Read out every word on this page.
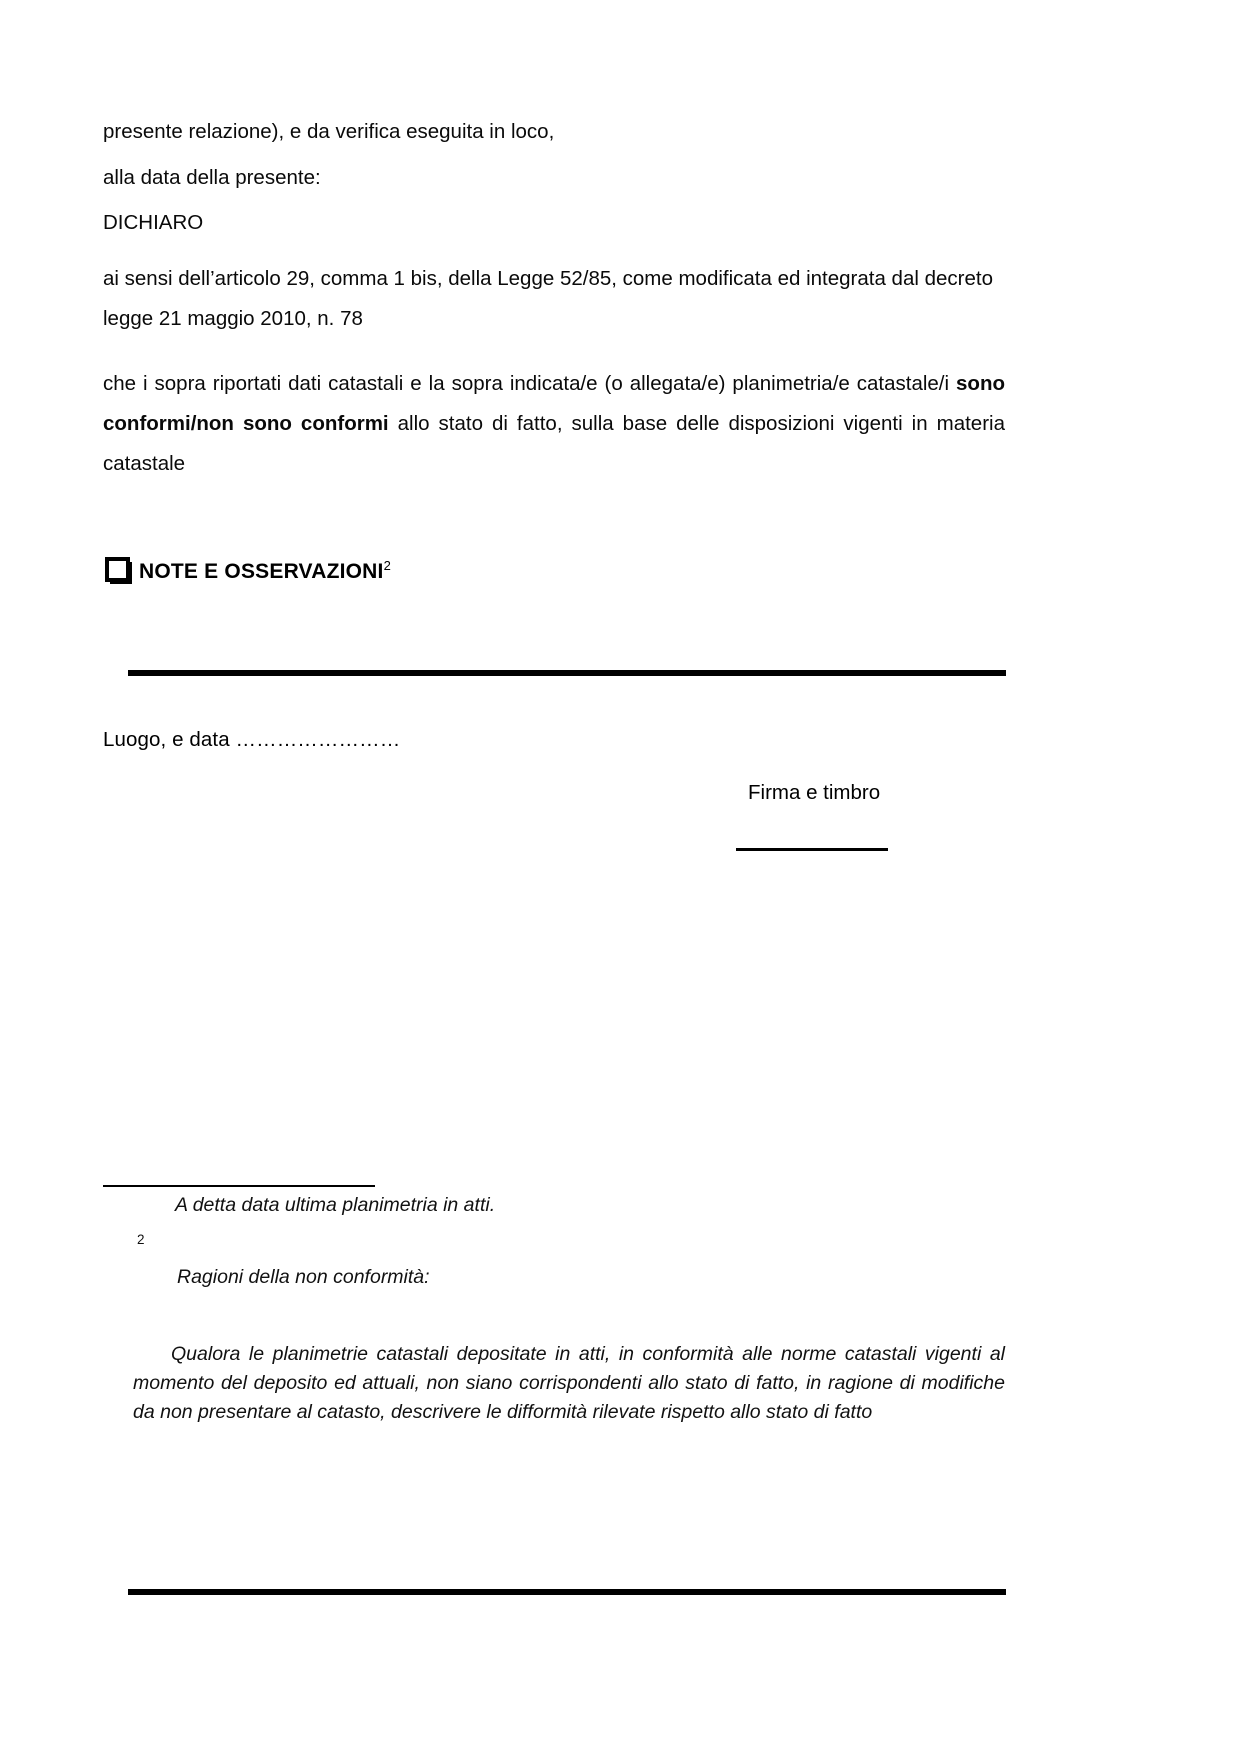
presente relazione), e da verifica eseguita in loco,

alla data della presente:

DICHIARO

ai sensi dell’articolo 29, comma 1 bis, della Legge 52/85, come modificata ed integrata dal decreto legge 21 maggio 2010, n. 78

che i sopra riportati dati catastali e la sopra indicata/e (o allegata/e) planimetria/e catastale/i sono conformi/non sono conformi allo stato di fatto, sulla base delle disposizioni vigenti in materia catastale

NOTE E OSSERVAZIONI$^2$
Luogo, e data ……………………
Firma e timbro
A detta data ultima planimetria in atti.
2
Ragioni della non conformità:
Qualora le planimetrie catastali depositate in atti, in conformità alle norme catastali vigenti al momento del deposito ed attuali, non siano corrispondenti allo stato di fatto, in ragione di modifiche da non presentare al catasto, descrivere le difformità rilevate rispetto allo stato di fatto
